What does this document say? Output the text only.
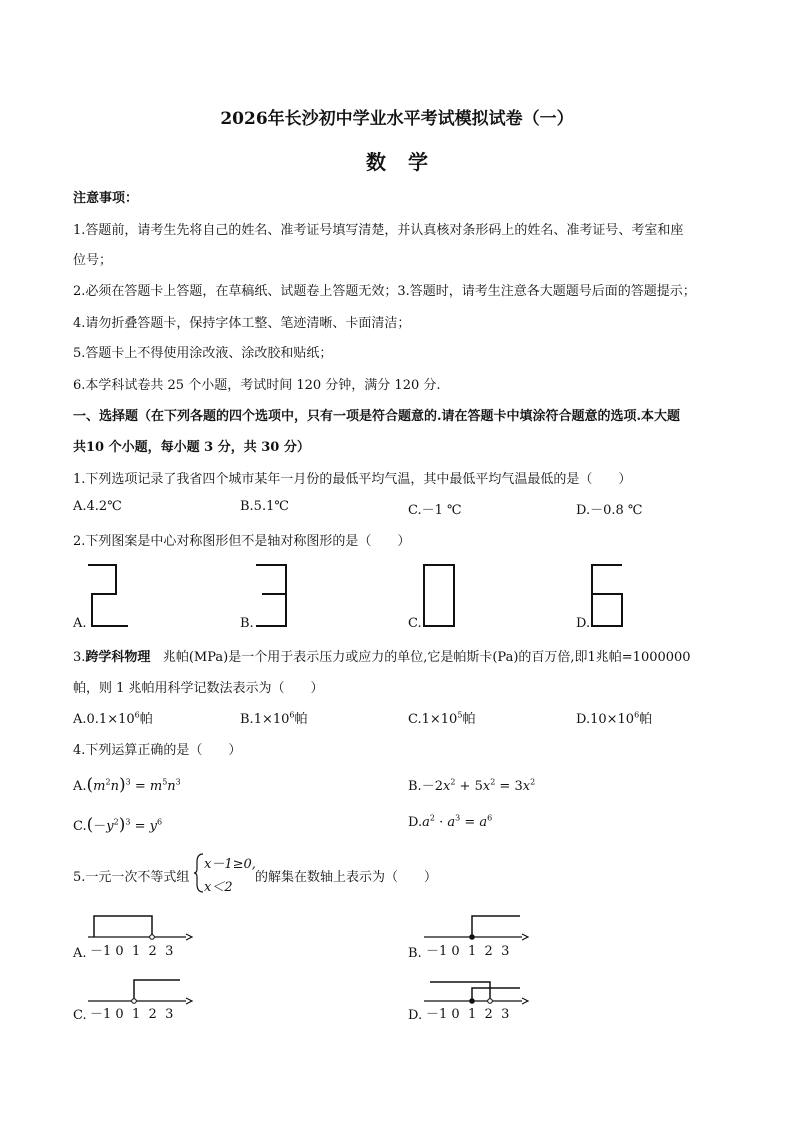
2026年长沙初中学业水平考试模拟试卷（一）
数学
注意事项：
1.答题前，请考生先将自己的姓名、准考证号填写清楚，并认真核对条形码上的姓名、准考证号、考室和座
位号；
2.必须在答题卡上答题，在草稿纸、试题卷上答题无效；3.答题时，请考生注意各大题题号后面的答题提示；
4.请勿折叠答题卡，保持字体工整、笔迹清晰、卡面清洁；
5.答题卡上不得使用涂改液、涂改胶和贴纸；
6.本学科试卷共 25 个小题，考试时间 120 分钟，满分 120 分.
一、选择题（在下列各题的四个选项中，只有一项是符合题意的.请在答题卡中填涂符合题意的选项.本大题
共10 个小题，每小题 3 分，共 30 分）
1.下列选项记录了我省四个城市某年一月份的最低平均气温，其中最低平均气温最低的是（　　）
A.4.2℃	B.5.1℃	C.－1 ℃	D.－0.8 ℃
2.下列图案是中心对称图形但不是轴对称图形的是（　　）
A.	B.	C.	D.
3.跨学科物理 兆帕(MPa)是一个用于表示压力或应力的单位,它是帕斯卡(Pa)的百万倍,即1兆帕=1000000
帕，则 1 兆帕用科学记数法表示为（　　）
$A.0.1\times 10^6$帕	$B.1\times 10^6$帕	$C.1\times 10^5$帕	$D.10\times 10^6$帕
4.下列运算正确的是（　　）
$A.(m^2n)^3 = m^5n^3$	$B.-2x^2 + 5x^2 = 3x^2$
$C.(-y^2)^3 = y^6$	$D.a^2 \cdot a^3 = a^6$
5.一元一次不等式组
x－1≥0,
x＜2
的解集在数轴上表示为（　　）
A. －1 0 1 2 3	B. －1 0 1 2 3
C. －1 0 1 2 3	D. －1 0 1 2 3
